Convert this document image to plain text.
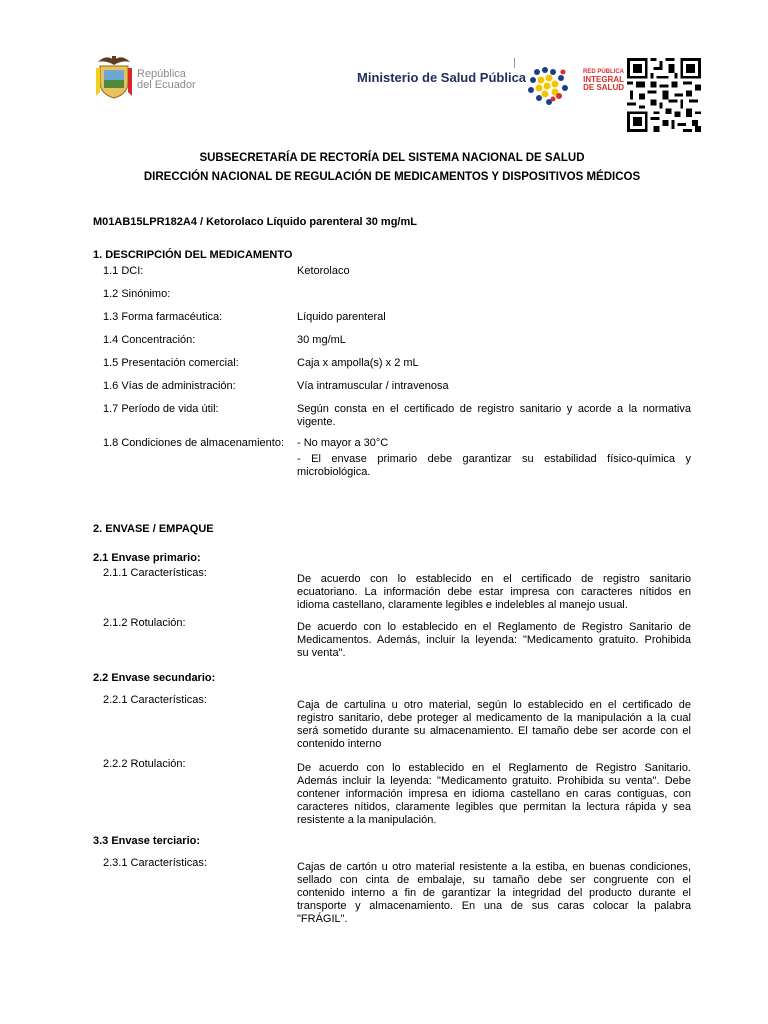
República
del Ecuador	Ministerio de Salud Pública	RED PÚBLICA
INTEGRAL
DE SALUD
SUBSECRETARÍA DE RECTORÍA DEL SISTEMA NACIONAL DE SALUD
DIRECCIÓN NACIONAL DE REGULACIÓN DE MEDICAMENTOS Y DISPOSITIVOS MÉDICOS
M01AB15LPR182A4 / Ketorolaco Líquido parenteral 30 mg/mL
1. DESCRIPCIÓN DEL MEDICAMENTO
1.1 DCI:	Ketorolaco
1.2 Sinónimo:
1.3 Forma farmacéutica:	Líquido parenteral
1.4 Concentración:	30 mg/mL
1.5 Presentación comercial:	Caja x ampolla(s) x 2 mL
1.6 Vías de administración:	Vía intramuscular / intravenosa
1.7 Período de vida útil:	Según consta en el certificado de registro sanitario y acorde a la normativa
vigente.
1.8 Condiciones de almacenamiento: - No mayor a 30°C
- El envase primario debe garantizar su estabilidad físico-química y
microbiológica.
2. ENVASE / EMPAQUE
2.1 Envase primario:
2.1.1 Características:	De acuerdo con lo establecido en el certificado de registro sanitario
ecuatoriano. La información debe estar impresa con caracteres nítidos en
idioma castellano, claramente legibles e indelebles al manejo usual.
2.1.2 Rotulación:	De acuerdo con lo establecido en el Reglamento de Registro Sanitario de
Medicamentos. Además, incluir la leyenda: "Medicamento gratuito. Prohibida
su venta".
2.2 Envase secundario:
2.2.1 Características:	Caja de cartulina u otro material, según lo establecido en el certificado de
registro sanitario, debe proteger al medicamento de la manipulación a la cual
será sometido durante su almacenamiento. El tamaño debe ser acorde con el
contenido interno
2.2.2 Rotulación:	De acuerdo con lo establecido en el Reglamento de Registro Sanitario.
Además incluir la leyenda: "Medicamento gratuito. Prohibida su venta". Debe
contener información impresa en idioma castellano en caras contiguas, con
caracteres nítidos, claramente legibles que permitan la lectura rápida y sea
resistente a la manipulación.
3.3 Envase terciario:
2.3.1 Características:	Cajas de cartón u otro material resistente a la estiba, en buenas condiciones,
sellado con cinta de embalaje, su tamaño debe ser congruente con el
contenido interno a fin de garantizar la integridad del producto durante el
transporte y almacenamiento. En una de sus caras colocar la palabra
"FRÁGIL".
